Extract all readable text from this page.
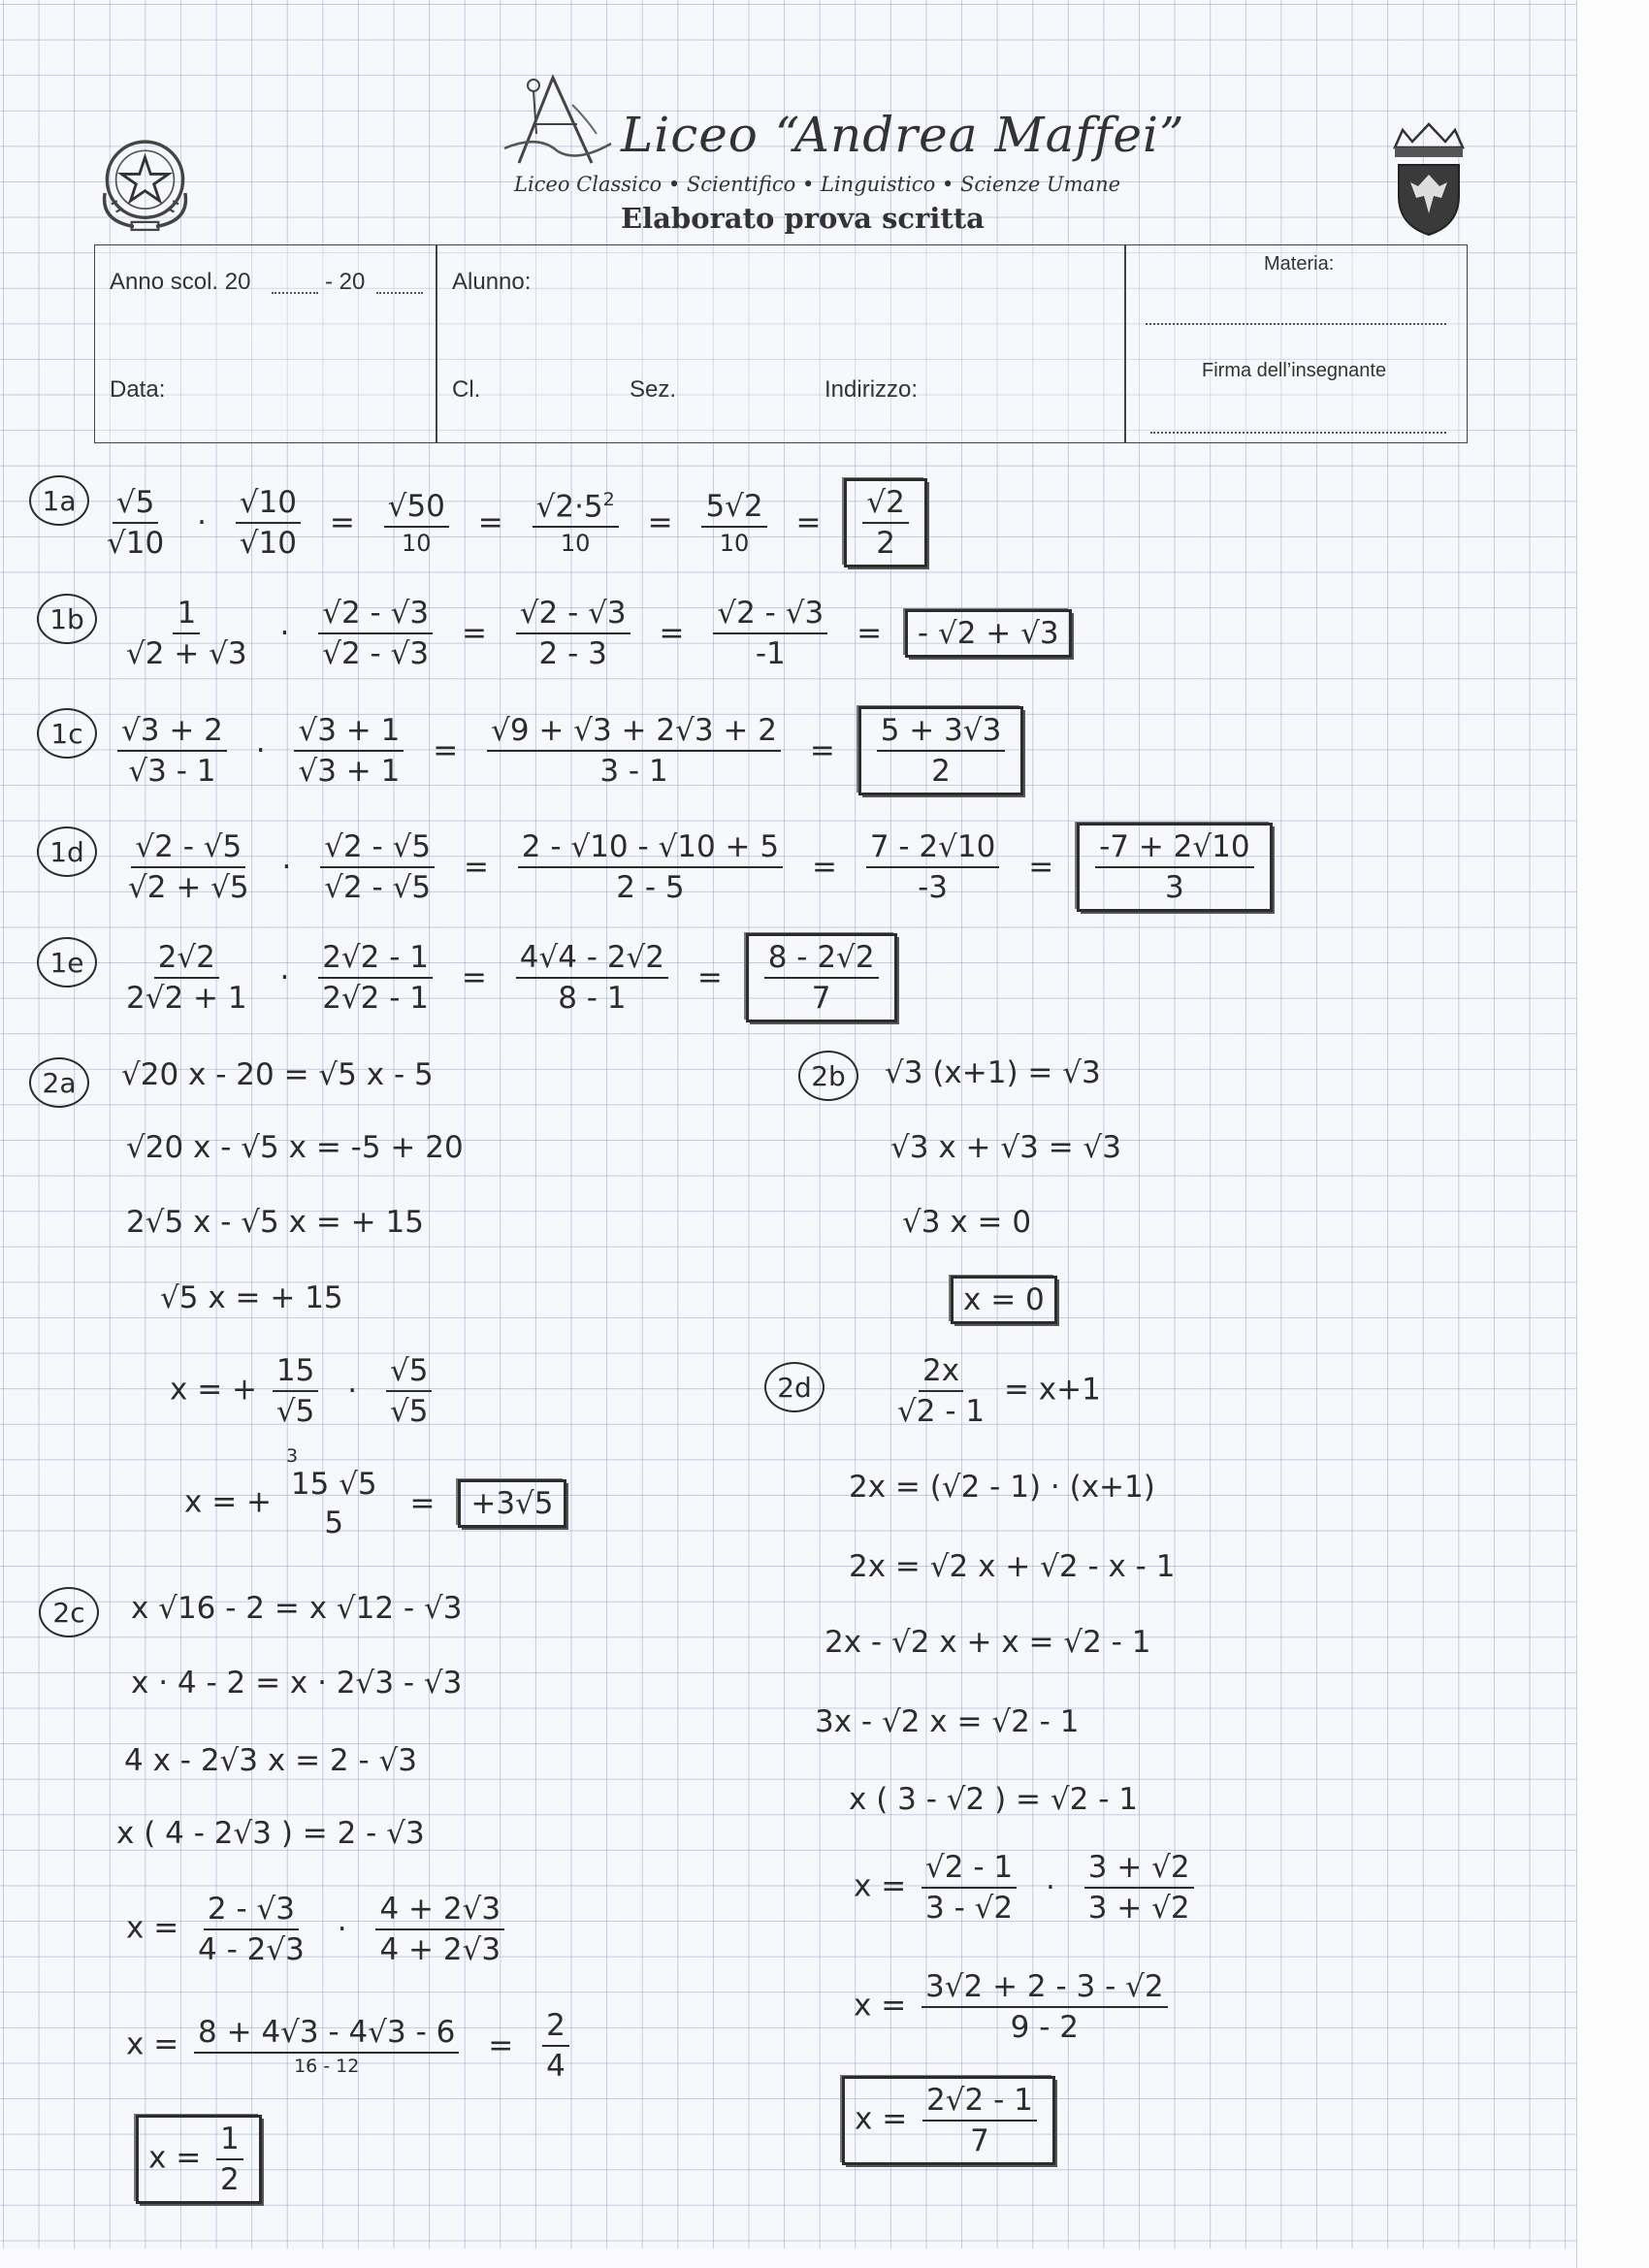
Liceo “Andrea Maffei”
Liceo Classico • Scientifico • Linguistico • Scienze Umane
Elaborato prova scritta
Anno scol. 20	- 20
Data:
Alunno:
Cl.	Sez.	Indirizzo:
Materia:
Firma dell’insegnante
$1a \frac{√5}{√10} \cdot \frac{√10}{√10} = \frac{√50}{10} = \frac{√2\cdot 5^2}{10} = \frac{5√2}{10} = \frac{√2}{2}$
1b	$\frac{1}{√2 + √3} \cdot \frac{√2 - √3}{√2 - √3} = \frac{√2 - √3}{2 - 3} = \frac{√2 - √3}{-1}$ = - √2 + √3
1c	$\frac{√3 + 2}{√3 - 1} \cdot \frac{√3 + 1}{√3 + 1} = \frac{√9 + √3 + 2√3 + 2}{3 - 1} = \frac{5 + 3√3}{2}$
1d	$\frac{√2 - √5}{√2 + √5} \cdot \frac{√2 - √5}{√2 - √5} = \frac{2 - √10 - √10 + 5}{2 - 5} = \frac{7 - 2√10}{-3} = \frac{-7 + 2√10}{3}$
1e	$\frac{2√2}{2√2 + 1} \cdot \frac{2√2 - 1}{2√2 - 1} = \frac{4√4 - 2√2}{8 - 1} = \frac{8 - 2√2}{7}$
2a	√20 x - 20 = √5 x - 5
√20 x - √5 x = -5 + 20
2√5 x - √5 x = + 15
√5 x = + 15
x = + $\frac{15}{√5} \cdot \frac{√5}{√5}$
3
x = +
15 √5
5
= +3√5
2b	√3 (x+1) = √3
√3 x + √3 = √3
√3 x = 0
x = 0
2d	$\frac{2x}{√2 - 1} = x+1$
2x = (√2 - 1) · (x+1)
2x = √2 x + √2 - x - 1
2x - √2 x + x = √2 - 1
3x - √2 x = √2 - 1
x ( 3 - √2 ) = √2 - 1
$x = \frac{√2 - 1}{3 - √2} \cdot \frac{3 + √2}{3 + √2}$
$x = \frac{3√2 + 2 - 3 - √2}{9 - 2}$
$x = \frac{2√2 - 1}{7}$
2c	x √16 - 2 = x √12 - √3
x · 4 - 2 = x · 2√3 - √3
4 x - 2√3 x = 2 - √3
x ( 4 - 2√3 ) = 2 - √3
$x = \frac{2 - √3}{4 - 2√3} \cdot \frac{4 + 2√3}{4 + 2√3}$
$x = \frac{8 + 4√3 - 4√3 - 6}{16 - 12} = \frac{2}{4}$
$x = \frac{1}{2}$
